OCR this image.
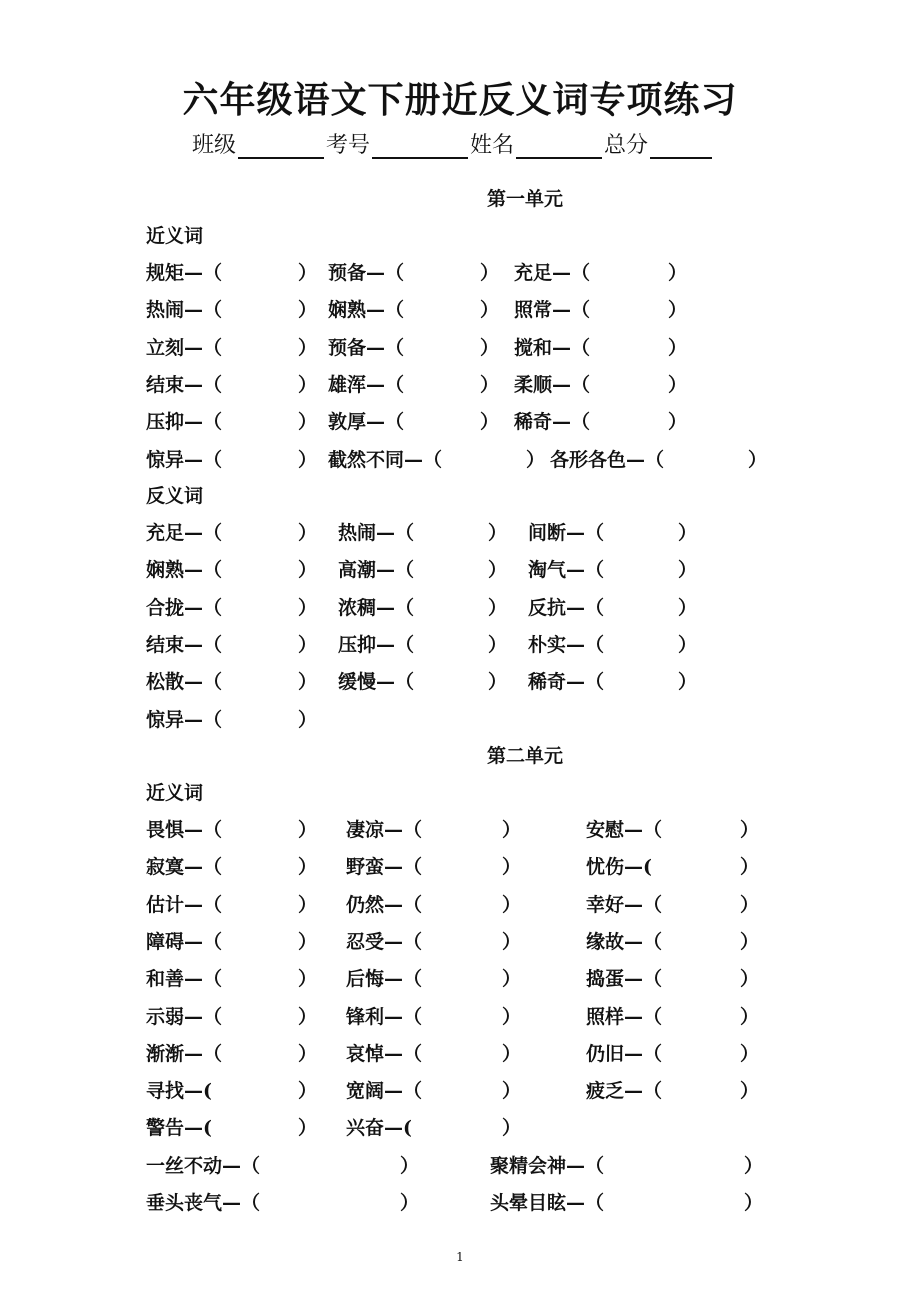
六年级语文下册近反义词专项练习
班级	考号	姓名	总分
第一单元
近义词
规矩—（	） 预备—（	） 充足—（	）
热闹—（	） 娴熟—（	） 照常—（	）
立刻—（	） 预备—（	） 搅和—（	）
结束—（	） 雄浑—（	） 柔顺—（	）
压抑—（	） 敦厚—（	） 稀奇—（	）
惊异—（	） 截然不同—（	） 各形各色—（	）
反义词
充足—（	） 热闹—（	） 间断—（	）
娴熟—（	） 高潮—（	） 淘气—（	）
合拢—（	） 浓稠—（	） 反抗—（	）
结束—（	） 压抑—（	） 朴实—（	）
松散—（	） 缓慢—（	） 稀奇—（	）
惊异—（	）
第二单元
近义词
畏惧—（	） 凄凉—（	）	安慰—（	）
寂寞—（	） 野蛮—（	）	忧伤—(	）
估计—（	） 仍然—（	）	幸好—（	）
障碍—（	） 忍受—（	）	缘故—（	）
和善—（	） 后悔—（	）	捣蛋—（	）
示弱—（	） 锋利—（	）	照样—（	）
渐渐—（	） 哀悼—（	）	仍旧—（	）
寻找—(	） 宽阔—（	）	疲乏—（	）
警告—(	） 兴奋—(	）
一丝不动—（	）	聚精会神—（	）
垂头丧气—（	）	头晕目眩—（	）
1
